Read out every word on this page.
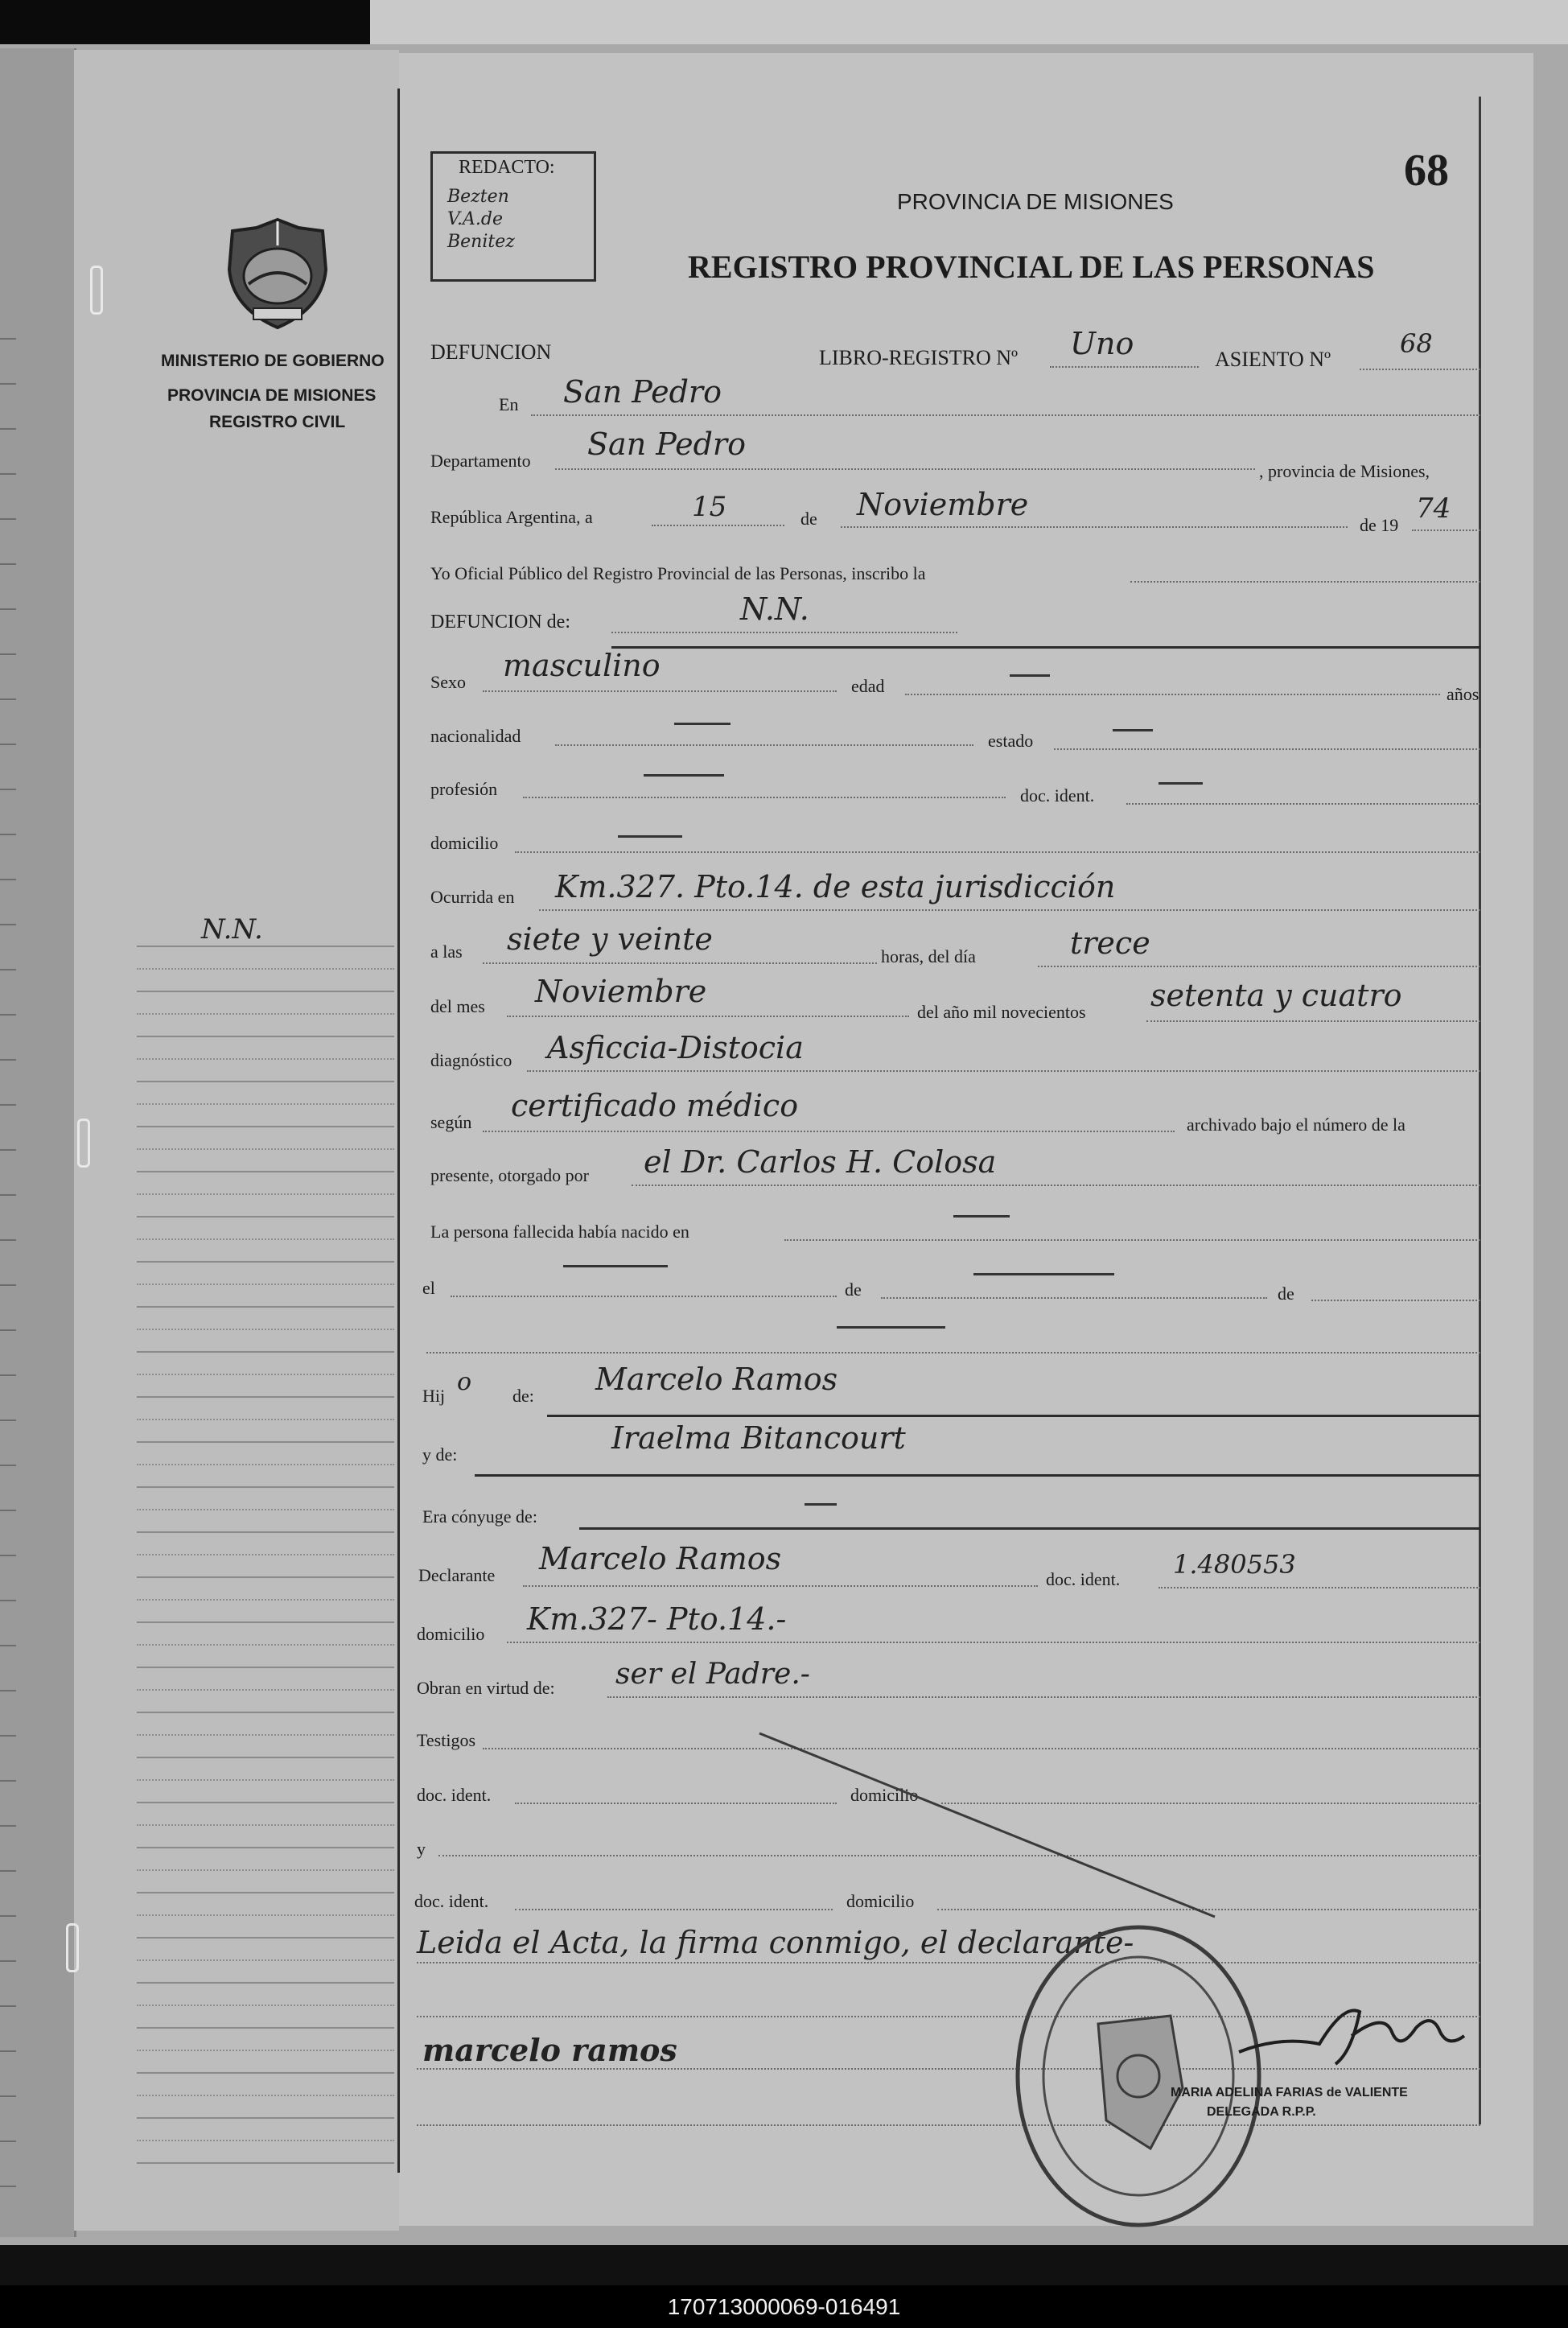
MINISTERIO DE GOBIERNO
PROVINCIA DE MISIONES
REGISTRO CIVIL
N.N.
REDACTO:
Bezten V.A.de Benitez
PROVINCIA DE MISIONES
REGISTRO PROVINCIAL DE LAS PERSONAS
68
DEFUNCION	LIBRO-REGISTRO Nº Uno	ASIENTO Nº
68
En San Pedro
Departamento San Pedro
, provincia de Misiones,
República Argentina, a	15	de Noviembre
de 19
74
Yo Oficial Público del Registro Provincial de las Personas, inscribo la
DEFUNCION de:	N.N.
Sexo masculino
edad	años
nacionalidad	estado
profesión	doc. ident.
domicilio
Ocurrida en Km.327. Pto.14. de esta jurisdicción
a las siete y veinte	horas, del día	trece
del mes Noviembre
del año mil novecientos setenta y cuatro
diagnóstico Asficcia-Distocia
según certificado médico
archivado bajo el número de la
presente, otorgado por el Dr. Carlos H. Colosa
La persona fallecida había nacido en
el	de	de
Hij o de: Marcelo Ramos
y de:	Iraelma Bitancourt
Era cónyuge de:
Declarante Marcelo Ramos
doc. ident. 1.480553
domicilio Km.327- Pto.14.-
Obran en virtud de: ser el Padre.-
Testigos
doc. ident.	domicilio
y
doc. ident.	domicilio
Leida el Acta, la firma conmigo, el declarante-
marcelo ramos
MARIA ADELINA FARIAS de VALIENTE
DELEGADA R.P.P.
170713000069-016491
